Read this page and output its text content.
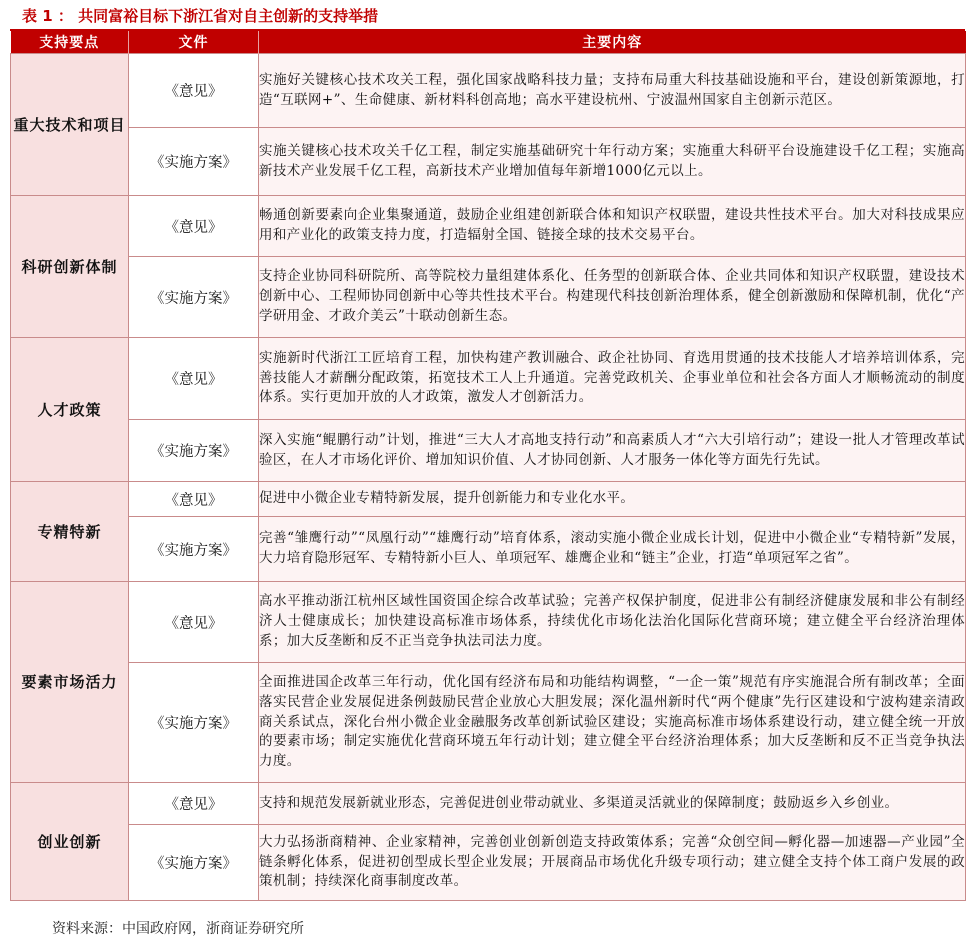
表 1 ： 共同富裕目标下浙江省对自主创新的支持举措
支持要点	文件	主要内容
重大技术和项目	《意见》	实施好关键核心技术攻关工程，强化国家战略科技力量；支持布局重大科技基础设施和平台，建设创新策源地，打造“互联网+”、生命健康、新材料科创高地；高水平建设杭州、宁波温州国家自主创新示范区。
	《实施方案》	实施关键核心技术攻关千亿工程，制定实施基础研究十年行动方案；实施重大科研平台设施建设千亿工程；实施高新技术产业发展千亿工程，高新技术产业增加值每年新增1000亿元以上。
科研创新体制	《意见》	畅通创新要素向企业集聚通道，鼓励企业组建创新联合体和知识产权联盟，建设共性技术平台。加大对科技成果应用和产业化的政策支持力度，打造辐射全国、链接全球的技术交易平台。
	《实施方案》	支持企业协同科研院所、高等院校力量组建体系化、任务型的创新联合体、企业共同体和知识产权联盟，建设技术创新中心、工程师协同创新中心等共性技术平台。构建现代科技创新治理体系，健全创新激励和保障机制，优化“产学研用金、才政介美云”十联动创新生态。
人才政策	《意见》	实施新时代浙江工匠培育工程，加快构建产教训融合、政企社协同、育选用贯通的技术技能人才培养培训体系，完善技能人才薪酬分配政策，拓宽技术工人上升通道。完善党政机关、企事业单位和社会各方面人才顺畅流动的制度体系。实行更加开放的人才政策，激发人才创新活力。
	《实施方案》	深入实施“鲲鹏行动”计划，推进“三大人才高地支持行动”和高素质人才“六大引培行动”；建设一批人才管理改革试验区，在人才市场化评价、增加知识价值、人才协同创新、人才服务一体化等方面先行先试。
专精特新	《意见》	促进中小微企业专精特新发展，提升创新能力和专业化水平。
	《实施方案》	完善“雏鹰行动”“凤凰行动”“雄鹰行动”培育体系，滚动实施小微企业成长计划，促进中小微企业“专精特新”发展，大力培育隐形冠军、专精特新小巨人、单项冠军、雄鹰企业和“链主”企业，打造“单项冠军之省”。
要素市场活力	《意见》	高水平推动浙江杭州区域性国资国企综合改革试验；完善产权保护制度，促进非公有制经济健康发展和非公有制经济人士健康成长；加快建设高标准市场体系，持续优化市场化法治化国际化营商环境；建立健全平台经济治理体系；加大反垄断和反不正当竞争执法司法力度。
	《实施方案》	全面推进国企改革三年行动，优化国有经济布局和功能结构调整，“一企一策”规范有序实施混合所有制改革；全面落实民营企业发展促进条例鼓励民营企业放心大胆发展；深化温州新时代“两个健康”先行区建设和宁波构建亲清政商关系试点，深化台州小微企业金融服务改革创新试验区建设；实施高标准市场体系建设行动，建立健全统一开放的要素市场；制定实施优化营商环境五年行动计划；建立健全平台经济治理体系；加大反垄断和反不正当竞争执法力度。
创业创新	《意见》	支持和规范发展新就业形态，完善促进创业带动就业、多渠道灵活就业的保障制度；鼓励返乡入乡创业。
	《实施方案》	大力弘扬浙商精神、企业家精神，完善创业创新创造支持政策体系；完善“众创空间—孵化器—加速器—产业园”全链条孵化体系，促进初创型成长型企业发展；开展商品市场优化升级专项行动；建立健全支持个体工商户发展的政策机制；持续深化商事制度改革。
资料来源：中国政府网，浙商证券研究所
